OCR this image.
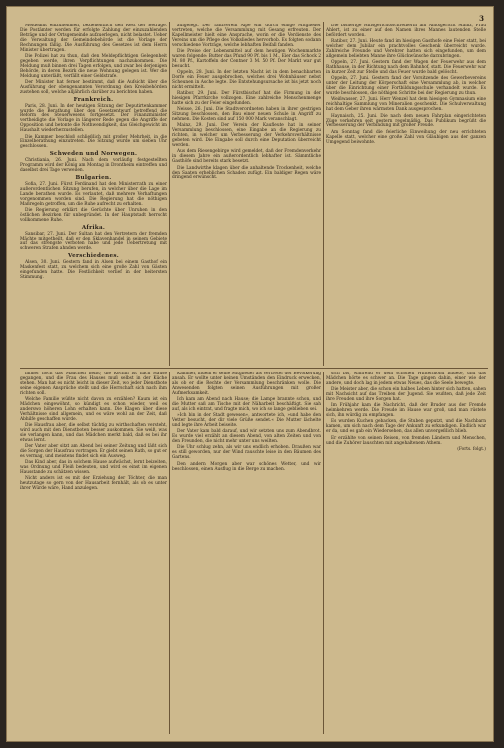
3

Meldeamt einzunehmen, beziehentlich den Rest der Betrage. Die Postämter werden für erfolgte Zahlung der einzuzahlenden Beträge und der Ortsgemeinde aufzuerlegen, nicht belastet. Ueber die Verwaltung der Gemeindebehörde ist die Vorlage der Rechnungen fällig. Die Ausführung des Gesetzes ist dem Herrn Minister übertragen.

Die Polizei hat zu thun, daß den Meldepflichtigen Gelegenheit gegeben werde, ihren Verpflichtungen nachzukommen. Die Meldung muß binnen drei Tagen erfolgen, und zwar bei derjenigen Behörde, in deren Bezirk die neue Wohnung gelegen ist. Wer die Meldung unterläßt, verfällt einer Geldstrafe.

Der Minister hat ferner bestimmt, daß die Aufsicht über die Ausführung der obengenannten Verordnung den Kreisbehörden zustehen soll, welche alljährlich darüber zu berichten haben.

Frankreich.

Paris, 28. Juni. In der heutigen Sitzung der Deputirtenkammer wurde die Berathung über den Gesetzentwurf betreffend die Reform des Steuerwesens fortgesetzt. Der Finanzminister vertheidigte die Vorlage in längerer Rede gegen die Angriffe der Opposition und betonte die Nothwendigkeit, das Gleichgewicht im Haushalt wiederherzustellen.

Die Kammer beschloß schließlich mit großer Mehrheit, in die Einzelberathung einzutreten. Die Sitzung wurde um sieben Uhr geschlossen.

Schweden und Norwegen.

Christiania, 26. Juni. Nach dem vorläufig festgestellten Programm wird der König am Montag in Drontheim eintreffen und daselbst drei Tage verweilen.

Bulgarien.

Sofia, 27. Juni. Fürst Ferdinand hat den Ministerrath zu einer außerordentlichen Sitzung berufen, in welcher über die Lage im Lande berathen wurde. Es verlautet, daß mehrere Verhaftungen vorgenommen worden sind. Die Regierung hat die nöthigen Maßregeln getroffen, um die Ruhe aufrecht zu erhalten.

Die Regierung erklärt die Gerüchte über Unruhen in den östlichen Bezirken für unbegründet. In der Hauptstadt herrscht vollkommene Ruhe.

Afrika.

Sansibar, 27. Juni. Der Sultan hat den Vertretern der fremden Mächte mitgetheilt, daß er den Sklavenhandel in seinem Gebiete auf das strengste verboten habe und jede Uebertretung mit schweren Strafen ahnden werde.

Verschiedenes.

Alsen, 30. Juni. Gestern fand in Alsen bei einem Gasthof ein Maskenfest statt, zu welchem sich eine große Zahl von Gästen eingefunden hatte. Die Festlichkeit verlief in der heitersten Stimmung.

aufgelegt. Der Tanzverein Alpe war durch einige Mitglieder vertreten, welche die Versammlung mit Gesang erfreuten. Der Kapellmeister hielt eine Ansprache, worin er die Verdienste des Vereins um die Pflege des Volksliedes hervorhob. Es folgten sodann verschiedene Vorträge, welche lebhaften Beifall fanden.

Die Preise der Lebensmittel auf dem heutigen Wochenmarkte waren folgende: Butter das Pfund 90 Pf. bis 1 M., Eier das Schock 2 M. 80 Pf., Kartoffeln der Centner 3 M. 50 Pf. Der Markt war gut besucht.

Oppeln, 28. Juni. In der letzten Nacht ist in dem benachbarten Dorfe ein Feuer ausgebrochen, welches drei Wohnhäuser nebst Scheunen in Asche legte. Die Entstehungsursache ist bis jetzt noch nicht ermittelt.

Ratibor, 29. Juni. Der Fürstbischof hat die Firmung in der hiesigen Pfarrkirche vollzogen. Eine zahlreiche Menschenmenge hatte sich zu der Feier eingefunden.

Neisse, 26. Juni. Die Stadtverordneten haben in ihrer gestrigen Sitzung beschlossen, den Bau einer neuen Schule in Angriff zu nehmen. Die Kosten sind auf 150 000 Mark veranschlagt.

Mainz, 29. Juni. Der Verein der Kaufleute hat in seiner Versammlung beschlossen, eine Eingabe an die Regierung zu richten, in welcher um Verbesserung der Verkehrsverhältnisse gebeten wird. Die Eingabe soll durch eine Deputation überreicht werden.

Aus dem Riesengebirge wird gemeldet, daß der Fremdenverkehr in diesem Jahre ein außerordentlich lebhafter ist. Sämmtliche Gasthöfe sind bereits stark besetzt.

Die Landwirthe klagen über die anhaltende Trockenheit, welche den Saaten erheblichen Schaden zufügt. Ein baldiger Regen wäre dringend erwünscht.

Die bisherige Hilfsgerichtsschreiberin am Amtsgericht Mainz, Frau Ahlert, ist zu einer auf den Namen ihres Mannes lautenden Stelle befördert worden.

Ratibor, 27. Juni. Heute fand im hiesigen Gasthofe eine Feier statt, bei welcher dem Jubilar ein prachtvolles Geschenk überreicht wurde. Zahlreiche Freunde und Verehrer hatten sich eingefunden, um dem allgemein beliebten Manne ihre Glückwünsche darzubringen.

Oppeln, 27. Juni. Gestern fand der Wagen der Feuerwehr aus dem Rathhause, in der Richtung nach dem Bahnhof, statt. Die Feuerwehr war in kurzer Zeit zur Stelle und das Feuer wurde bald gelöscht.

Oppeln, 27. Juni. Gestern fand der Vorsitzende des Gewerbevereins unter der Leitung der Körperschaft eine Versammlung ab, in welcher über die Einrichtung einer Fortbildungsschule verhandelt wurde. Es wurde beschlossen, die nöthigen Schritte bei der Regierung zu thun.

Weißwasser, 27. Juni. Herr Wenzel hat dem hiesigen Gymnasium eine reichhaltige Sammlung von Mineralien geschenkt. Die Schulverwaltung hat dem Geber ihren wärmsten Dank ausgesprochen.

Haynaisch, 25. Juni. Die nach dem neuen Fahrplan eingerichteten Züge verkehren seit gestern regelmäßig. Das Publikum begrüßt die Verbesserung der Verbindung mit großer Freude.

Am Sonntag fand die feierliche Einweihung der neu errichteten Kapelle statt, welcher eine große Zahl von Gläubigen aus der ganzen Umgegend beiwohnte.

immer noch das Mädchen heißt; die Köchin ist nach Hause gegangen, und die Frau des Hauses muß selbst in der Küche stehen. Man hat es nicht leicht in dieser Zeit, wo jeder Dienstbote seine eigenen Ansprüche stellt und die Herrschaft sich nach ihm richten soll.

Welche Familie wüßte nicht davon zu erzählen? Kaum ist ein Mädchen eingewöhnt, so kündigt es schon wieder, weil es anderswo höheren Lohn erhalten kann. Die Klagen über diese Verhältnisse sind allgemein, und es wäre wohl an der Zeit, daß Abhilfe geschaffen würde.

Die Hausfrau aber, die selbst tüchtig zu wirthschaften versteht, wird auch mit den Dienstboten besser auskommen. Sie weiß, was sie verlangen kann, und das Mädchen merkt bald, daß es bei ihr etwas lernt.

Der Vater aber sitzt am Abend bei seiner Zeitung und läßt sich die Sorgen der Hausfrau vortragen. Er giebt seinen Rath, so gut er es vermag, und meistens findet sich ein Ausweg.

Das Kind aber, das in solchem Hause aufwächst, lernt beizeiten, was Ordnung und Fleiß bedeuten, und wird es einst im eigenen Hausstande zu schätzen wissen.

Nicht anders ist es mit der Erziehung der Töchter, die man heutzutage so gern von der Hausarbeit fernhält, als ob es unter ihrer Würde wäre, Hand anzulegen.

Kammer, indem er seine Mitglieder als Vertreter der Bevölkerung ansah. Er wollte unter keinen Umständen den Eindruck erwecken, als ob er die Rechte der Versammlung beschränken wolle. Die Anwesenden folgten seinen Ausführungen mit großer Aufmerksamkeit.

Ich kam am Abend nach Hause; die Lampe brannte schon, und die Mutter saß am Tische mit der Näharbeit beschäftigt. Sie sah auf, als ich eintrat, und fragte mich, wo ich so lange geblieben sei.

»Ich bin in der Stadt gewesen«, antwortete ich, »und habe den Vetter besucht, der dir viele Grüße sendet.« Die Mutter lächelte und legte ihre Arbeit beiseite.

Der Vater kam bald darauf, und wir setzten uns zum Abendbrot. Es wurde viel erzählt an diesem Abend, von alten Zeiten und von den Freunden, die nicht mehr unter uns weilten.

Die Uhr schlug zehn, als wir uns endlich erhoben. Draußen war es still geworden, nur der Wind rauschte leise in den Bäumen des Gartens.

Den andern Morgen aber war schönes Wetter, und wir beschlossen, einen Ausflug in die Berge zu machen.

sich bis, während er dem schönen Wintermond bildete, und das Mädchen hörte es schwer an. Die Tage gingen dahin, einer wie der andere, und doch lag in jedem etwas Neues, das die Seele bewegte.

Die Meister aber, die schon ein halbes Leben hinter sich hatten, sahen mit Nachsicht auf das Treiben der Jugend. Sie wußten, daß jede Zeit ihre Freuden und ihre Sorgen hat.

Im Frühjahr kam die Nachricht, daß der Bruder aus der Fremde heimkehren werde. Die Freude im Hause war groß, und man rüstete sich, ihn würdig zu empfangen.

Es wurden Kuchen gebacken, die Stuben geputzt, und die Nachbarn kamen, um sich nach dem Tage der Ankunft zu erkundigen. Endlich war er da, und es gab ein Wiedersehen, das allen unvergeßlich blieb.

Er erzählte von seinen Reisen, von fremden Ländern und Menschen, und die Zuhörer lauschten mit angehaltenem Athem.

(Forts. folgt.)
